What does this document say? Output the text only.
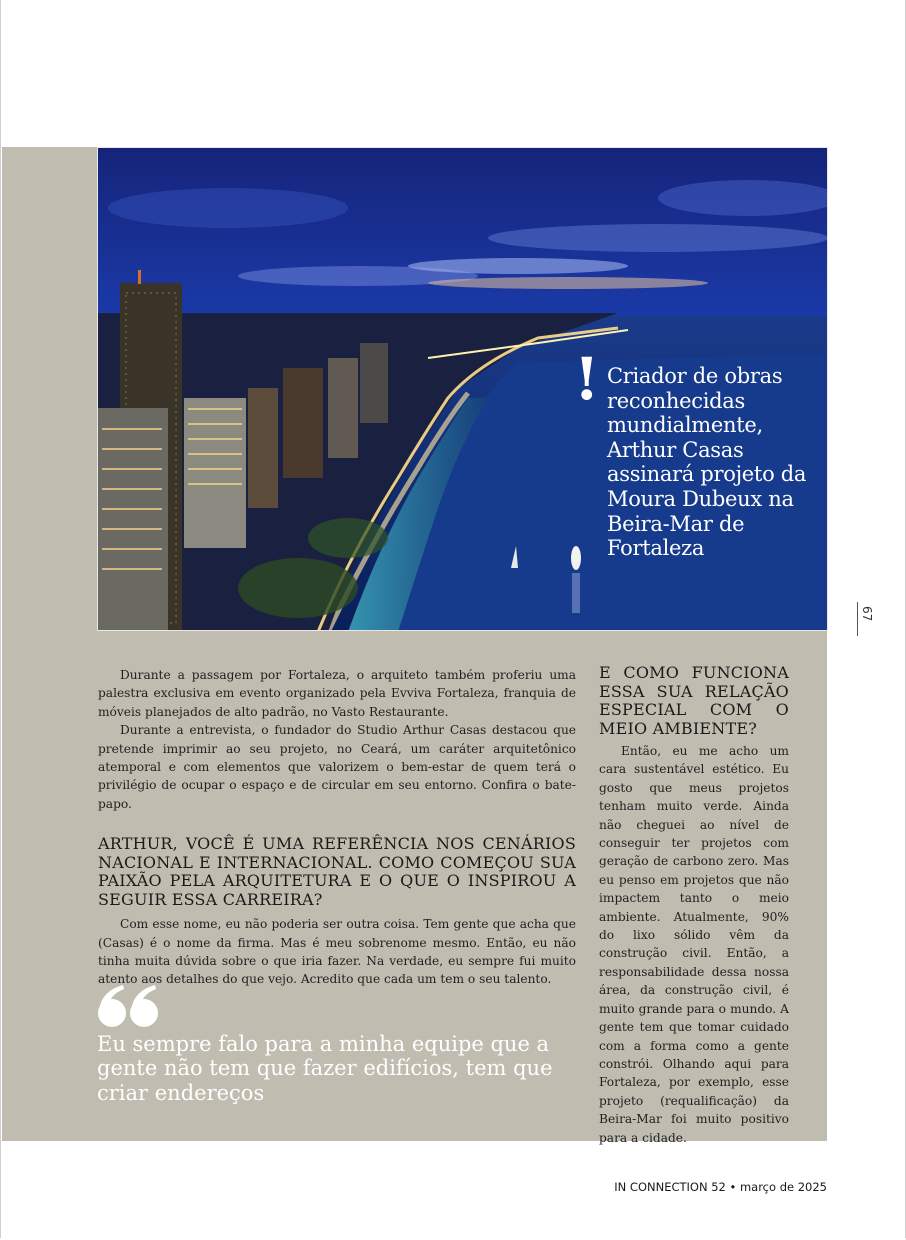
! Criador de obras reconhecidas mundialmente, Arthur Casas assinará projeto da Moura Dubeux na Beira-Mar de Fortaleza

Durante a passagem por Fortaleza, o arquiteto também proferiu uma palestra exclusiva em evento organizado pela Evviva Fortaleza, franquia de móveis planejados de alto padrão, no Vasto Restaurante.

Durante a entrevista, o fundador do Studio Arthur Casas destacou que pretende imprimir ao seu projeto, no Ceará, um caráter arquitetônico atemporal e com elementos que valorizem o bem-estar de quem terá o privilégio de ocupar o espaço e de circular em seu entorno. Confira o bate-papo.

ARTHUR, VOCÊ É UMA REFERÊNCIA NOS CENÁRIOS NACIONAL E INTERNACIONAL. COMO COMEÇOU SUA PAIXÃO PELA ARQUITETURA E O QUE O INSPIROU A SEGUIR ESSA CARREIRA?

Com esse nome, eu não poderia ser outra coisa. Tem gente que acha que (Casas) é o nome da firma. Mas é meu sobrenome mesmo. Então, eu não tinha muita dúvida sobre o que iria fazer. Na verdade, eu sempre fui muito atento aos detalhes do que vejo. Acredito que cada um tem o seu talento.

Eu sempre falo para a minha equipe que a gente não tem que fazer edifícios, tem que criar endereços
E COMO FUNCIONA ESSA SUA RELAÇÃO ESPECIAL COM O MEIO AMBIENTE?

Então, eu me acho um cara sustentável estético. Eu gosto que meus projetos tenham muito verde. Ainda não cheguei ao nível de conseguir ter projetos com geração de carbono zero. Mas eu penso em projetos que não impactem tanto o meio ambiente. Atualmente, 90% do lixo sólido vêm da construção civil. Então, a responsabilidade dessa nossa área, da construção civil, é muito grande para o mundo. A gente tem que tomar cuidado com a forma como a gente constrói. Olhando aqui para Fortaleza, por exemplo, esse projeto (requalificação) da Beira-Mar foi muito positivo para a cidade.

67
IN CONNECTION 52 • março de 2025
